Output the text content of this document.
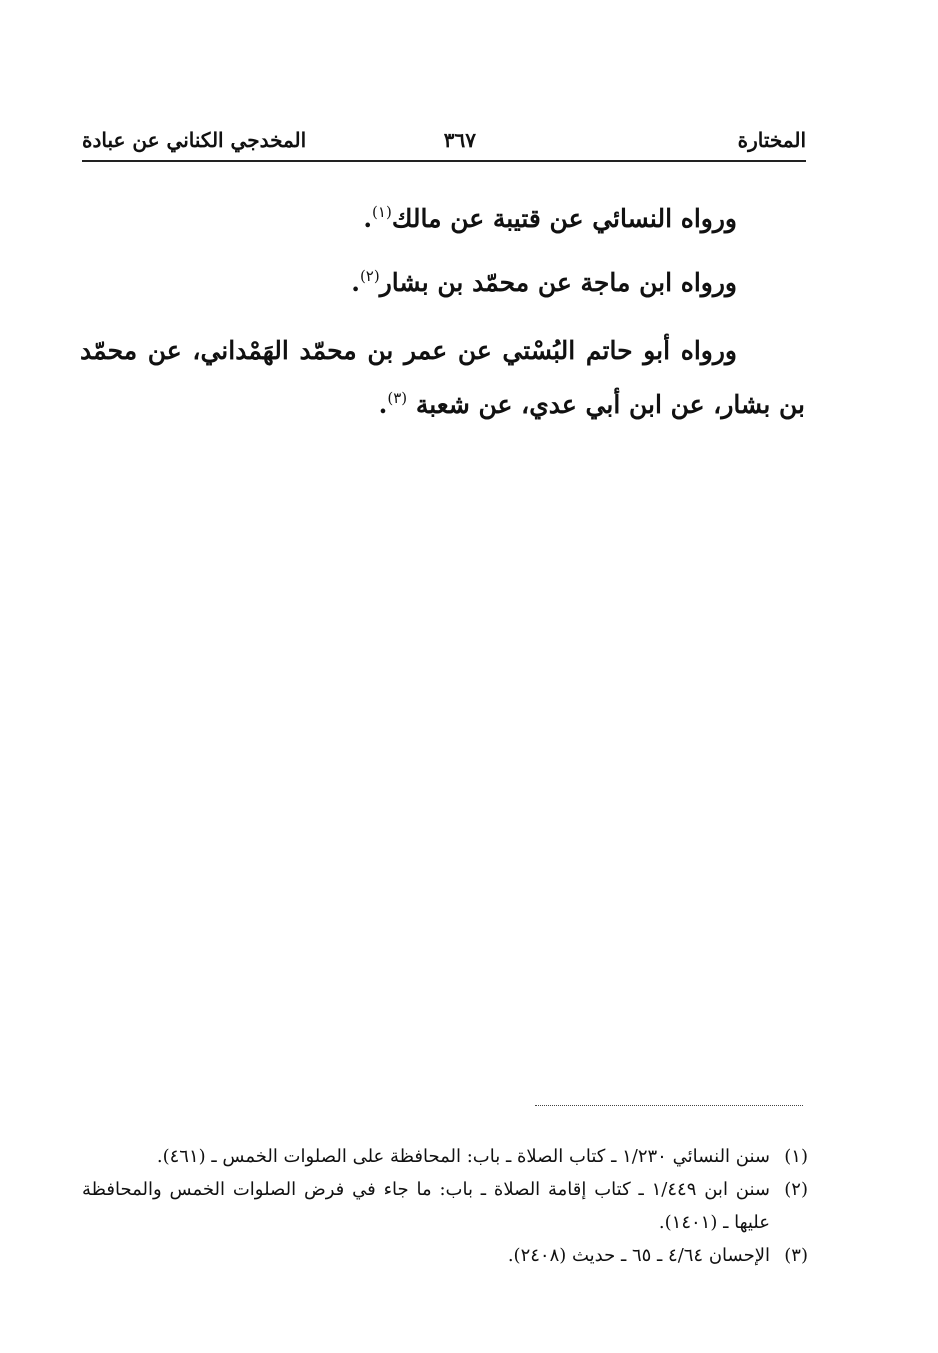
المختارة
٣٦٧
المخدجي الكناني عن عبادة

ورواه النسائي عن قتيبة عن مالك$^{(١)}$.

ورواه ابن ماجة عن محمّد بن بشار$^{(٢)}$.

ورواه أبو حاتم البُسْتي عن عمر بن محمّد الهَمْداني، عن محمّد بن بشار، عن ابن أبي عدي، عن شعبة $^{(٣)}$.

(١)
سنن النسائي ١/٢٣٠ ـ كتاب الصلاة ـ باب: المحافظة على الصلوات الخمس ـ (٤٦١).

(٢)
سنن ابن ١/٤٤٩ ـ كتاب إقامة الصلاة ـ باب: ما جاء في فرض الصلوات الخمس والمحافظة عليها ـ (١٤٠١).

(٣)
الإحسان ٤/٦٤ ـ ٦٥ ـ حديث (٢٤٠٨).
